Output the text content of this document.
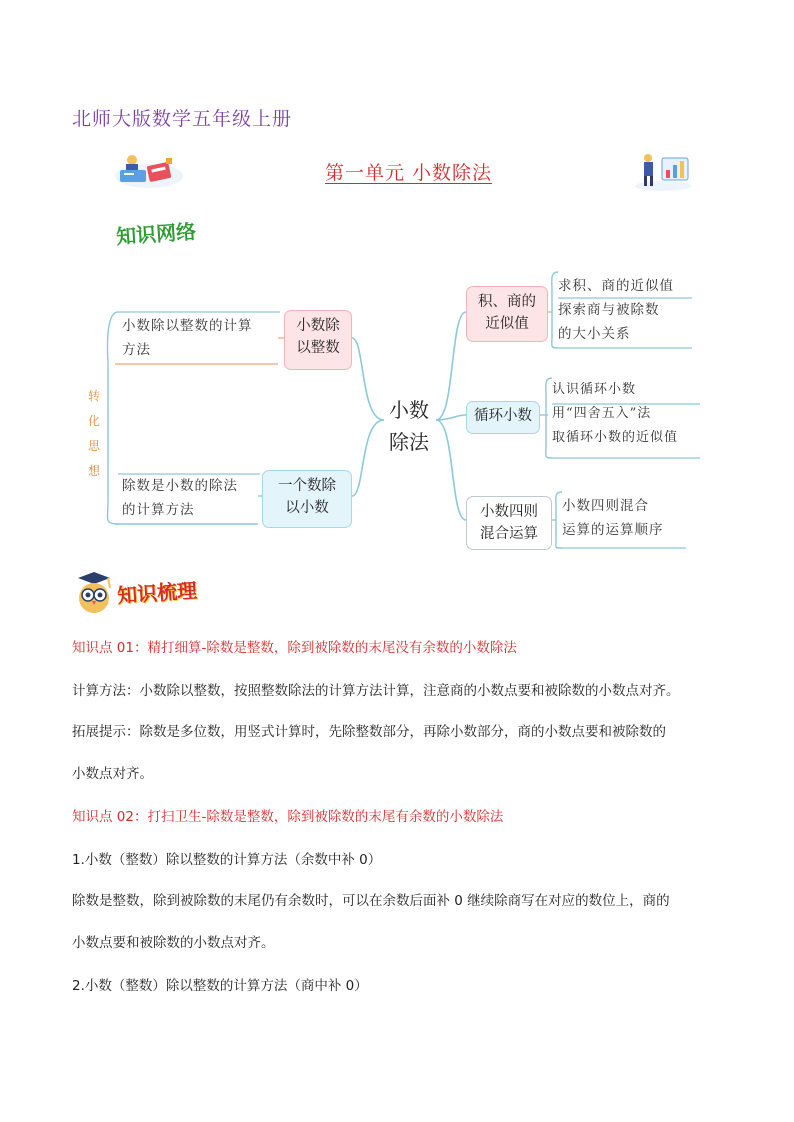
北师大版数学五年级上册
第一单元 小数除法
知识网络
转
化
思
想
小数除以整数的计算
方法
小数除
以整数
除数是小数的除法
的计算方法
一个数除
以小数
小数
除法
积、商的
近似值
求积、商的近似值
探索商与被除数
的大小关系
循环小数
认识循环小数
用“四舍五入”法
取循环小数的近似值
小数四则
混合运算
小数四则混合
运算的运算顺序
知识梳理
知识点 01：精打细算-除数是整数，除到被除数的末尾没有余数的小数除法
计算方法：小数除以整数，按照整数除法的计算方法计算，注意商的小数点要和被除数的小数点对齐。
拓展提示：除数是多位数，用竖式计算时，先除整数部分，再除小数部分，商的小数点要和被除数的
小数点对齐。
知识点 02：打扫卫生-除数是整数，除到被除数的末尾有余数的小数除法
1.小数（整数）除以整数的计算方法（余数中补 0）
除数是整数，除到被除数的末尾仍有余数时，可以在余数后面补 0 继续除商写在对应的数位上，商的
小数点要和被除数的小数点对齐。
2.小数（整数）除以整数的计算方法（商中补 0）
